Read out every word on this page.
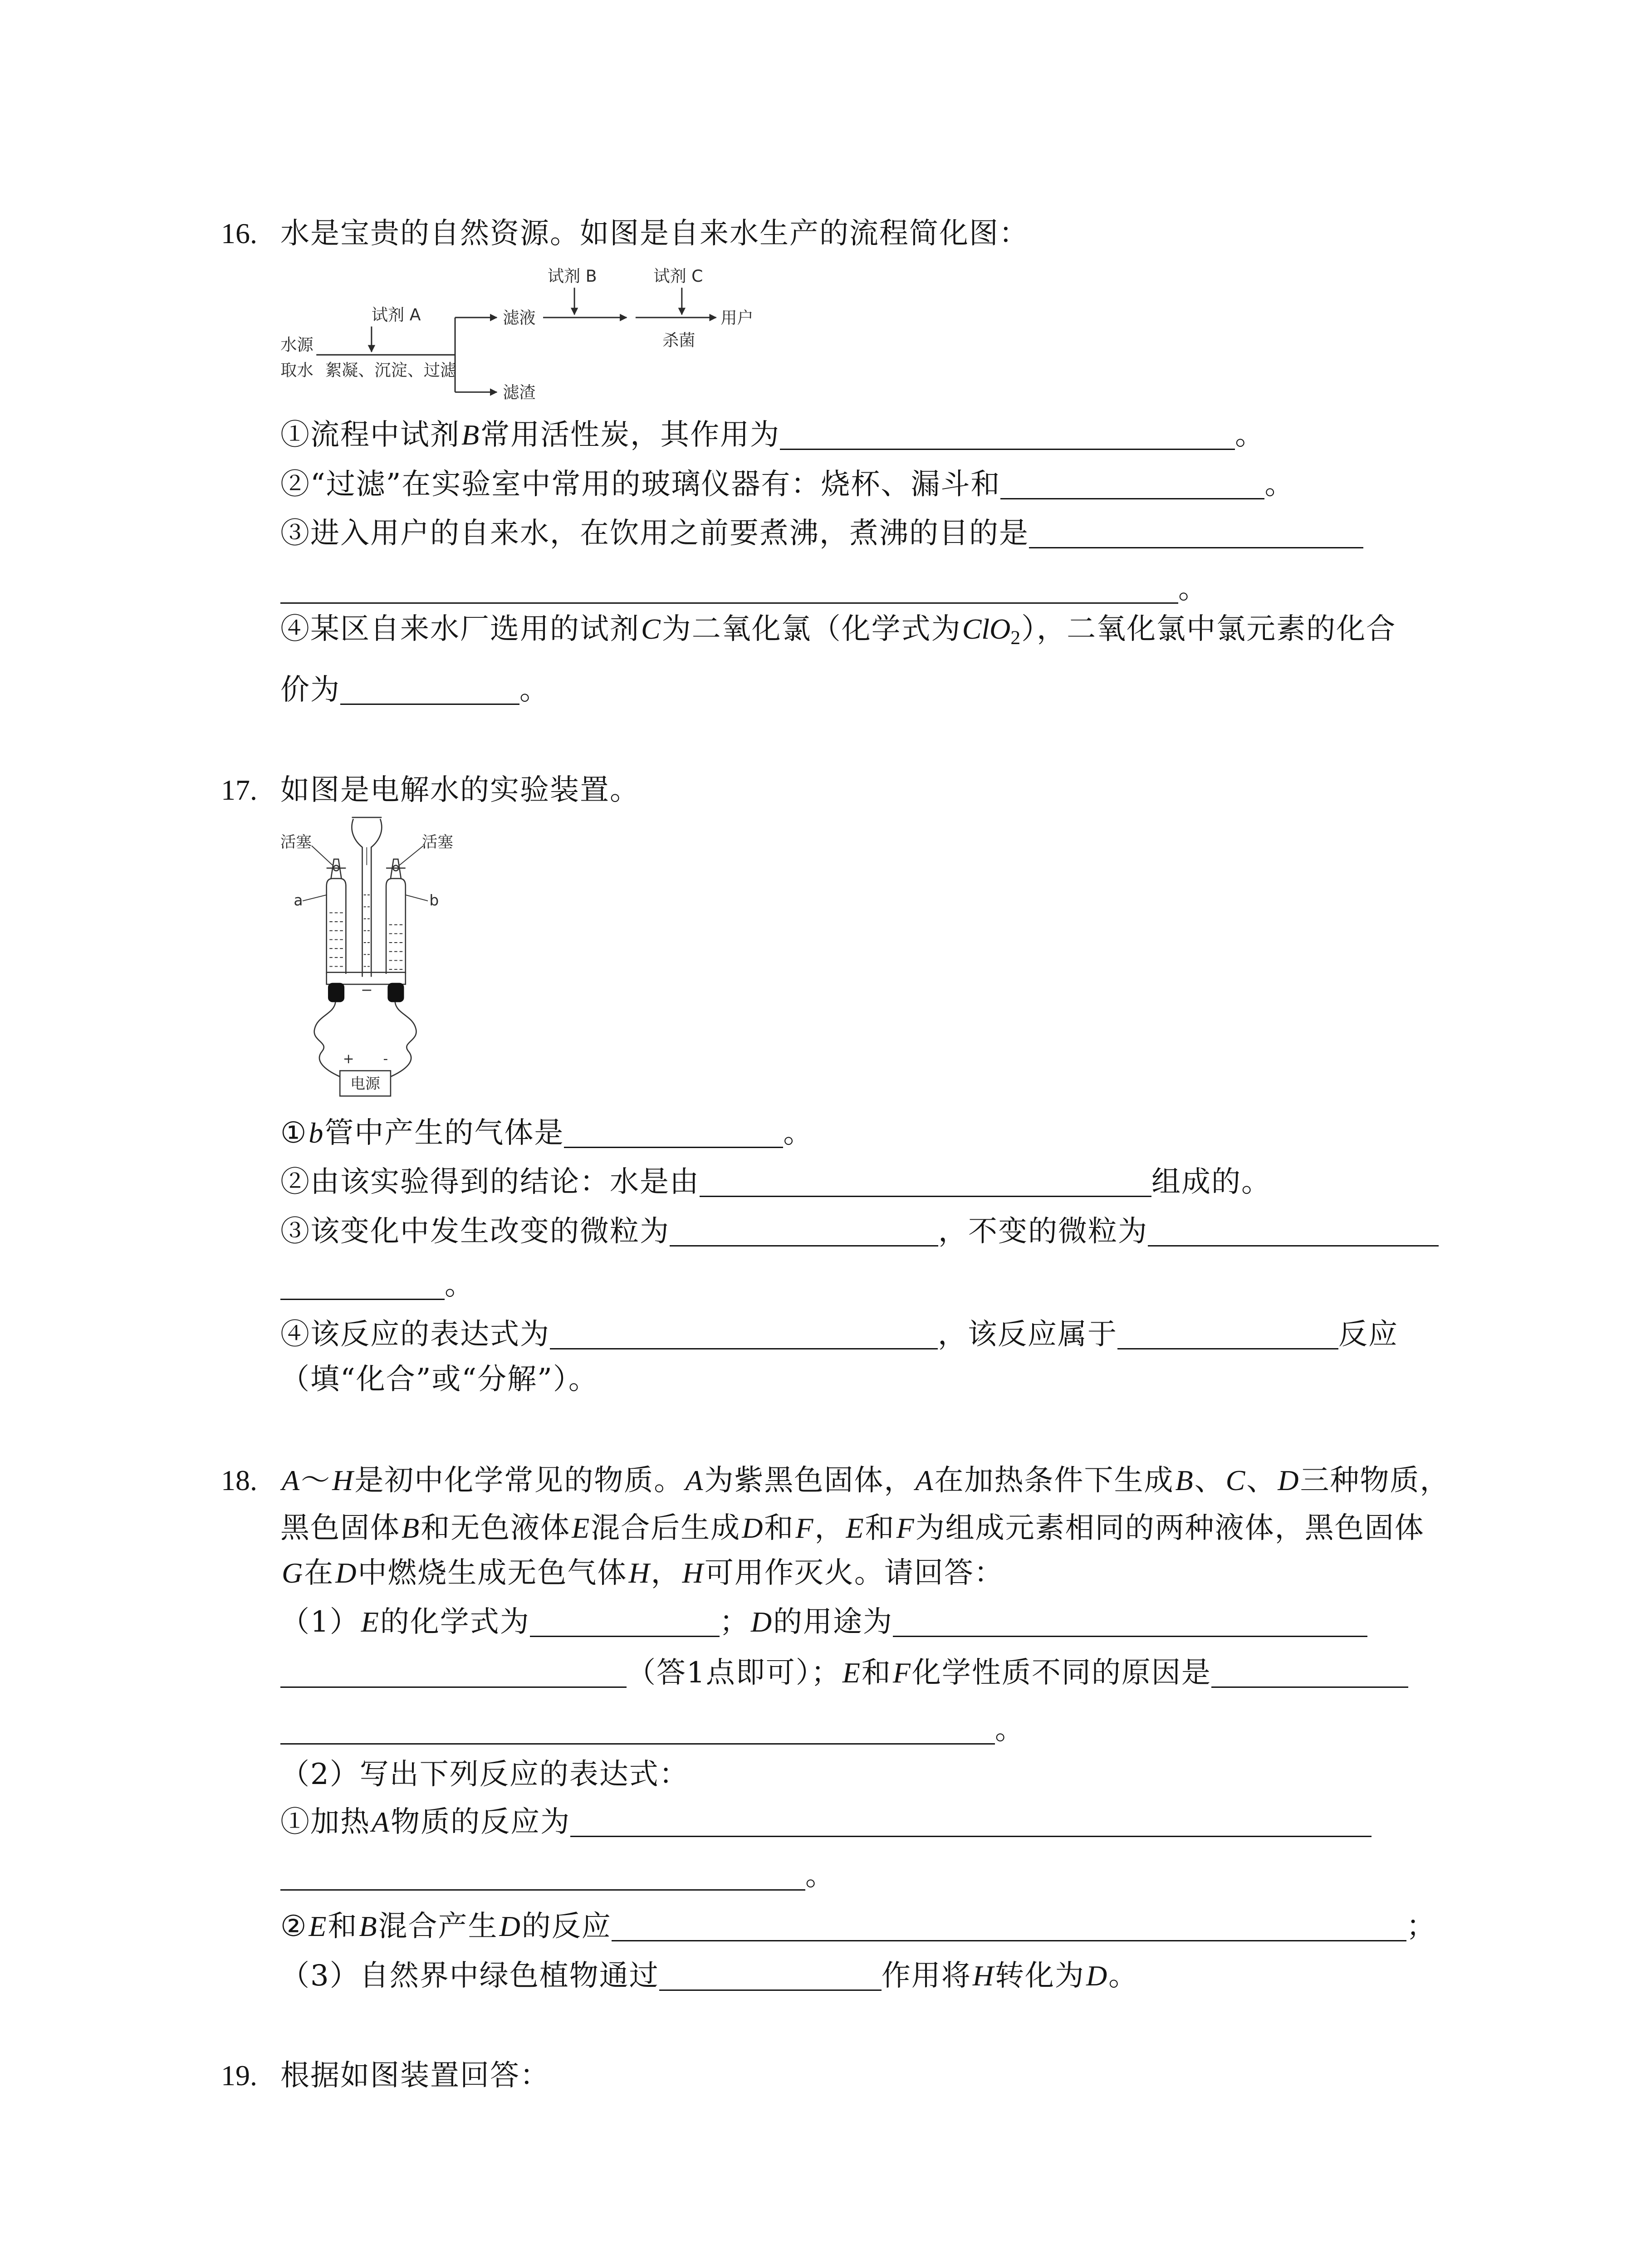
16. 水是宝贵的自然资源。如图是自来水生产的流程简化图：
试剂 B	试剂 C
试剂 A
水源
取水 絮凝、沉淀、过滤
滤液
滤渣
杀菌
用户
①流程中试剂 B 常用活性炭，其作用为	。
②“过滤”在实验室中常用的玻璃仪器有：烧杯、漏斗和	。
③进入用户的自来水，在饮用之前要煮沸，煮沸的目的是
。
④某区自来水厂选用的试剂 C 为二氧化氯（化学式为 ClO$_2$ ），二氧化氯中氯元素的化合
价为	。
17. 如图是电解水的实验装置。
活塞	活塞
a	b
+	-
电源
① b 管中产生的气体是	。
②由该实验得到的结论：水是由	组成的。
③该变化中发生改变的微粒为	，不变的微粒为
。
④该反应的表达式为	，该反应属于	反应
（填“化合”或“分解”）。
18. A ～ H 是初中化学常见的物质。 A 为紫黑色固体， A 在加热条件下生成 B 、 C 、 D 三种物质，
黑色固体 B 和无色液体 E 混合后生成 D 和 F ， E 和 F 为组成元素相同的两种液体，黑色固体
G 在 D 中燃烧生成无色气体 H ， H 可用作灭火。请回答：
（1） E 的化学式为	； D 的用途为
（答1点即可）； E 和 F 化学性质不同的原因是
。
（2）写出下列反应的表达式：
①加热 A 物质的反应为
。
② E 和 B 混合产生 D 的反应	；
（3）自然界中绿色植物通过	作用将 H 转化为 D 。
19. 根据如图装置回答：
